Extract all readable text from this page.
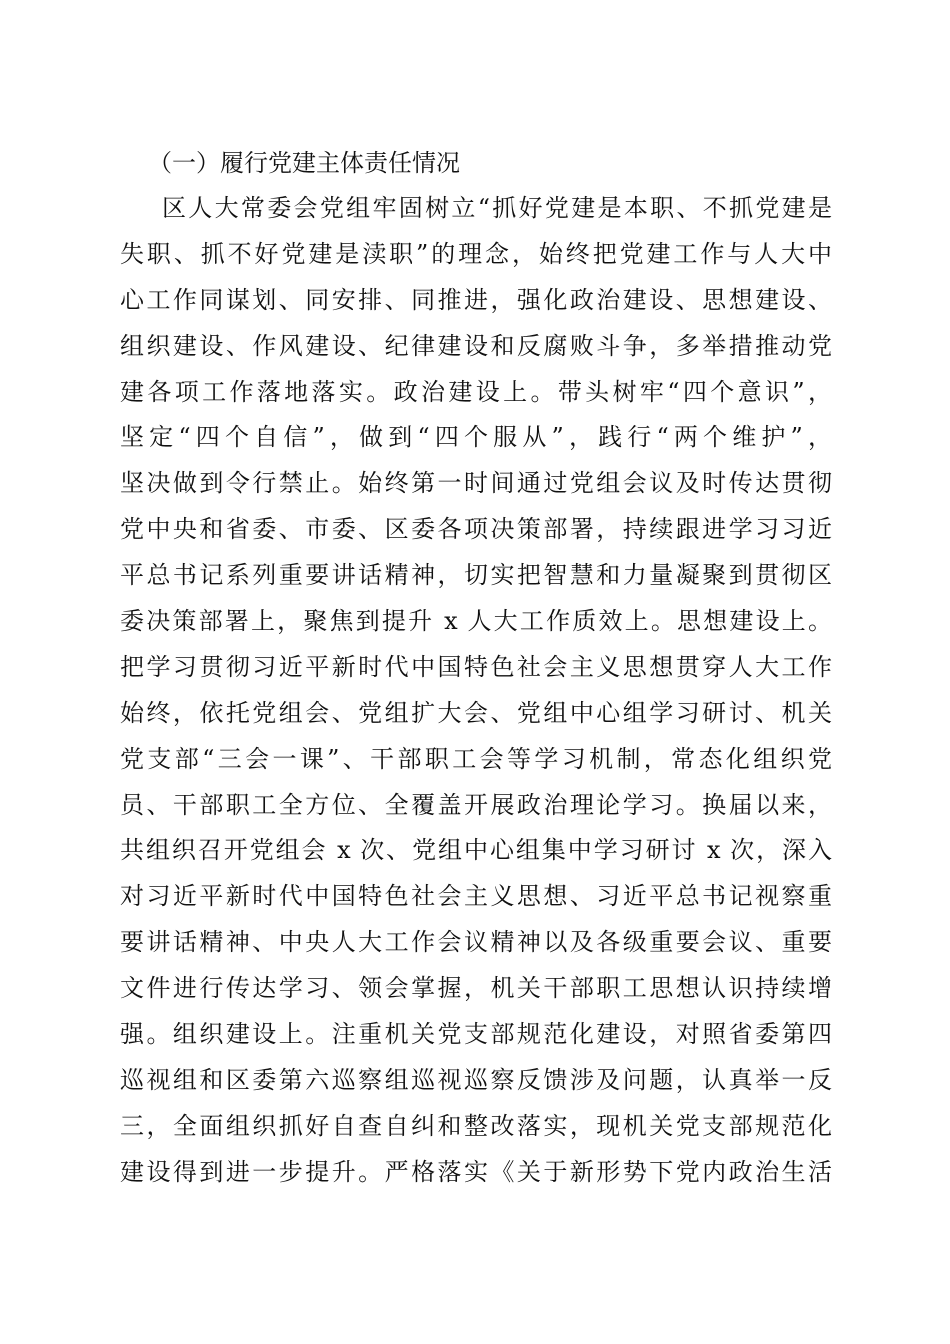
（一）履行党建主体责任情况
区人大常委会党组牢固树立“抓好党建是本职、不抓党建是
失职、抓不好党建是渎职”的理念，始终把党建工作与人大中
心工作同谋划、同安排、同推进，强化政治建设、思想建设、
组织建设、作风建设、纪律建设和反腐败斗争，多举措推动党
建各项工作落地落实。政治建设上。带头树牢“四个意识”，
坚定“四个自信”，做到“四个服从”，践行“两个维护”，
坚决做到令行禁止。始终第一时间通过党组会议及时传达贯彻
党中央和省委、市委、区委各项决策部署，持续跟进学习习近
平总书记系列重要讲话精神，切实把智慧和力量凝聚到贯彻区
委决策部署上，聚焦到提升 x 人大工作质效上。思想建设上。
把学习贯彻习近平新时代中国特色社会主义思想贯穿人大工作
始终，依托党组会、党组扩大会、党组中心组学习研讨、机关
党支部“三会一课”、干部职工会等学习机制，常态化组织党
员、干部职工全方位、全覆盖开展政治理论学习。换届以来，
共组织召开党组会 x 次、党组中心组集中学习研讨 x 次，深入
对习近平新时代中国特色社会主义思想、习近平总书记视察重
要讲话精神、中央人大工作会议精神以及各级重要会议、重要
文件进行传达学习、领会掌握，机关干部职工思想认识持续增
强。组织建设上。注重机关党支部规范化建设，对照省委第四
巡视组和区委第六巡察组巡视巡察反馈涉及问题，认真举一反
三，全面组织抓好自查自纠和整改落实，现机关党支部规范化
建设得到进一步提升。严格落实《关于新形势下党内政治生活
